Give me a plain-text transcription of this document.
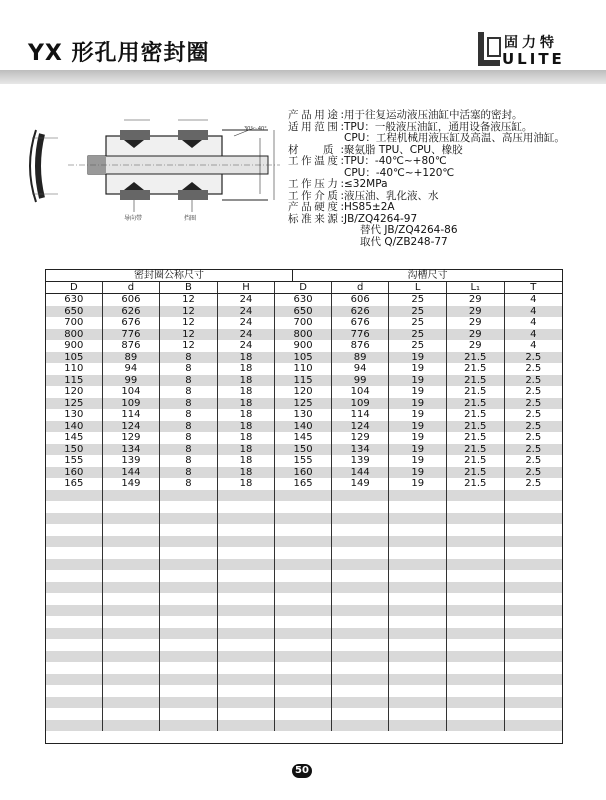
YX 形孔用密封圈	固力特
ULITE
30°～40°
导向带	挡圈
产品用途: 用于往复运动液压油缸中活塞的密封。
适用范围: TPU：一般液压油缸，通用设备液压缸。
CPU：工程机械用液压缸及高温、高压用油缸。
材　质: 聚氨脂 TPU、CPU、橡胶
工作温度: TPU：-40℃~+80℃
CPU：-40℃~+120℃
工作压力: ≤32MPa
工作介质: 液压油、乳化液、水
产品硬度: HS85±2A
标准来源: JB/ZQ4264-97
替代 JB/ZQ4264-86
取代 Q/ZB248-77
密封圈公称尺寸	沟槽尺寸
D	d	B	H	D	d	L	L₁	T
630	606	12	24	630	606	25	29	4
650	626	12	24	650	626	25	29	4
700	676	12	24	700	676	25	29	4
800	776	12	24	800	776	25	29	4
900	876	12	24	900	876	25	29	4
105	89	8	18	105	89	19	21.5	2.5
110	94	8	18	110	94	19	21.5	2.5
115	99	8	18	115	99	19	21.5	2.5
120	104	8	18	120	104	19	21.5	2.5
125	109	8	18	125	109	19	21.5	2.5
130	114	8	18	130	114	19	21.5	2.5
140	124	8	18	140	124	19	21.5	2.5
145	129	8	18	145	129	19	21.5	2.5
150	134	8	18	150	134	19	21.5	2.5
155	139	8	18	155	139	19	21.5	2.5
160	144	8	18	160	144	19	21.5	2.5
165	149	8	18	165	149	19	21.5	2.5
50
